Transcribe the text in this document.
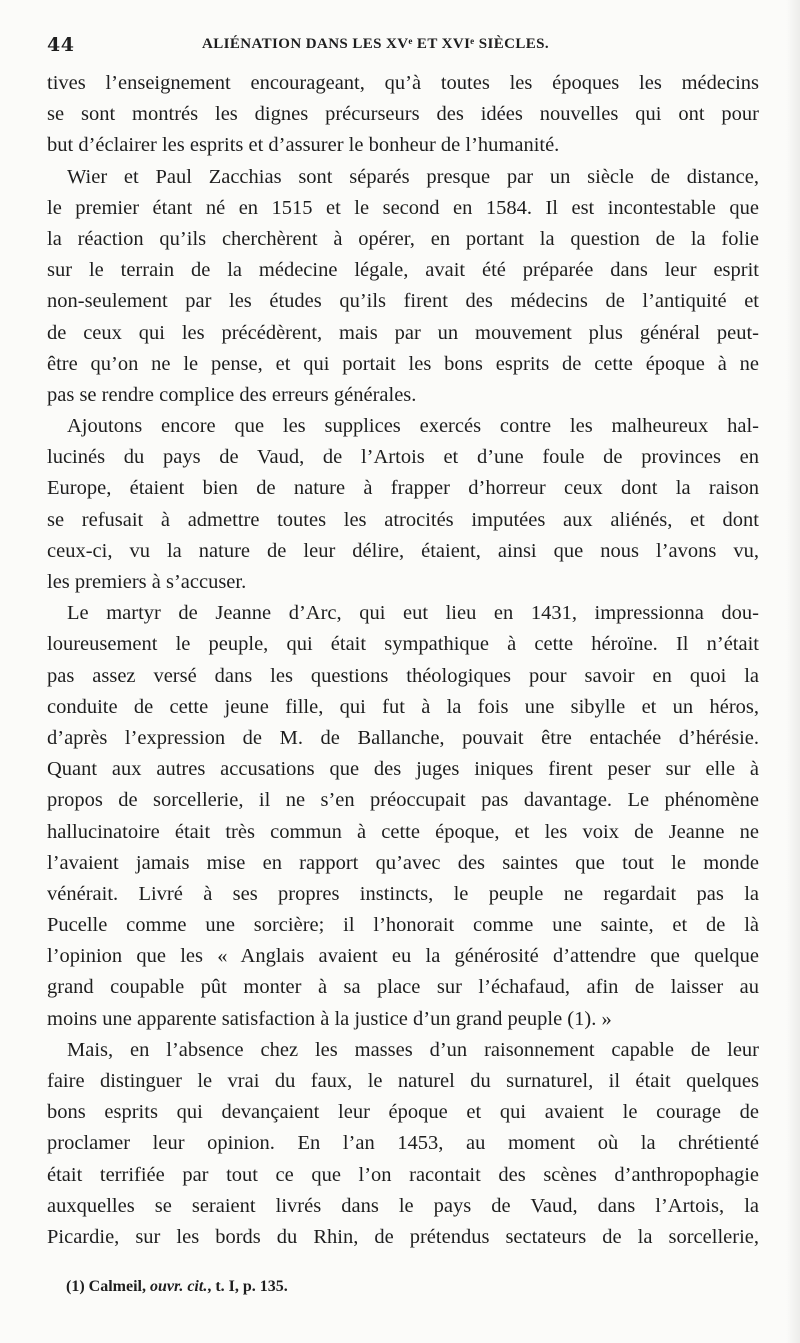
44	ALIÉNATION DANS LES XVᵉ ET XVIᵉ SIÈCLES.
tives l’enseignement encourageant, qu’à toutes les époques les médecins
se sont montrés les dignes précurseurs des idées nouvelles qui ont pour
but d’éclairer les esprits et d’assurer le bonheur de l’humanité.
Wier et Paul Zacchias sont séparés presque par un siècle de distance,
le premier étant né en 1515 et le second en 1584. Il est incontestable que
la réaction qu’ils cherchèrent à opérer, en portant la question de la folie
sur le terrain de la médecine légale, avait été préparée dans leur esprit
non-seulement par les études qu’ils firent des médecins de l’antiquité et
de ceux qui les précédèrent, mais par un mouvement plus général peut-
être qu’on ne le pense, et qui portait les bons esprits de cette époque à ne
pas se rendre complice des erreurs générales.
Ajoutons encore que les supplices exercés contre les malheureux hal-
lucinés du pays de Vaud, de l’Artois et d’une foule de provinces en
Europe, étaient bien de nature à frapper d’horreur ceux dont la raison
se refusait à admettre toutes les atrocités imputées aux aliénés, et dont
ceux-ci, vu la nature de leur délire, étaient, ainsi que nous l’avons vu,
les premiers à s’accuser.
Le martyr de Jeanne d’Arc, qui eut lieu en 1431, impressionna dou-
loureusement le peuple, qui était sympathique à cette héroïne. Il n’était
pas assez versé dans les questions théologiques pour savoir en quoi la
conduite de cette jeune fille, qui fut à la fois une sibylle et un héros,
d’après l’expression de M. de Ballanche, pouvait être entachée d’hérésie.
Quant aux autres accusations que des juges iniques firent peser sur elle à
propos de sorcellerie, il ne s’en préoccupait pas davantage. Le phénomène
hallucinatoire était très commun à cette époque, et les voix de Jeanne ne
l’avaient jamais mise en rapport qu’avec des saintes que tout le monde
vénérait. Livré à ses propres instincts, le peuple ne regardait pas la
Pucelle comme une sorcière; il l’honorait comme une sainte, et de là
l’opinion que les « Anglais avaient eu la générosité d’attendre que quelque
grand coupable pût monter à sa place sur l’échafaud, afin de laisser au
moins une apparente satisfaction à la justice d’un grand peuple (1). »
Mais, en l’absence chez les masses d’un raisonnement capable de leur
faire distinguer le vrai du faux, le naturel du surnaturel, il était quelques
bons esprits qui devançaient leur époque et qui avaient le courage de
proclamer leur opinion. En l’an 1453, au moment où la chrétienté
était terrifiée par tout ce que l’on racontait des scènes d’anthropophagie
auxquelles se seraient livrés dans le pays de Vaud, dans l’Artois, la
Picardie, sur les bords du Rhin, de prétendus sectateurs de la sorcellerie,
(1) Calmeil, ouvr. cit., t. I, p. 135.
